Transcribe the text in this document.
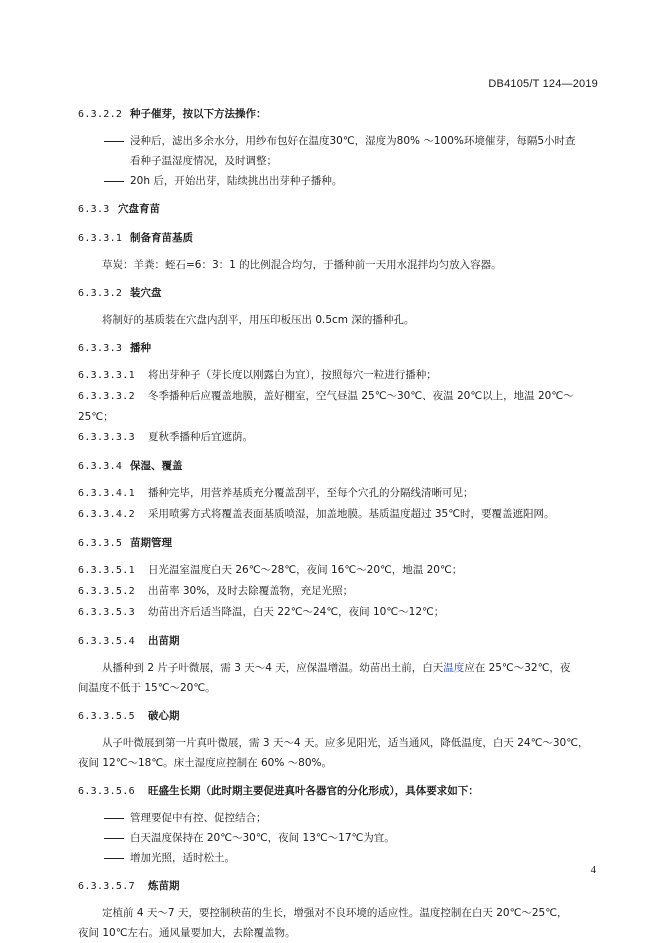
DB4105/T 124—2019
6.3.2.2 种子催芽，按以下方法操作：
浸种后，滤出多余水分，用纱布包好在温度30℃，湿度为80% ～100%环境催芽，每隔5小时查
看种子温湿度情况，及时调整；
20h 后，开始出芽，陆续挑出出芽种子播种。
6.3.3 穴盘育苗
6.3.3.1 制备育苗基质
草炭：羊粪：蛭石=6：3：1 的比例混合均匀，于播种前一天用水混拌均匀放入容器。
6.3.3.2 装穴盘
将制好的基质装在穴盘内刮平，用压印板压出 0.5cm 深的播种孔。
6.3.3.3 播种
6.3.3.3.1 将出芽种子（芽长度以刚露白为宜），按照每穴一粒进行播种；
6.3.3.3.2 冬季播种后应覆盖地膜，盖好棚室，空气昼温 25℃～30℃、夜温 20℃以上，地温 20℃～
25℃；
6.3.3.3.3 夏秋季播种后宜遮荫。
6.3.3.4 保湿、覆盖
6.3.3.4.1 播种完毕，用营养基质充分覆盖刮平，至每个穴孔的分隔线清晰可见；
6.3.3.4.2 采用喷雾方式将覆盖表面基质喷湿，加盖地膜。基质温度超过 35℃时，要覆盖遮阳网。
6.3.3.5 苗期管理
6.3.3.5.1 日光温室温度白天 26℃～28℃，夜间 16℃～20℃，地温 20℃；
6.3.3.5.2 出苗率 30%，及时去除覆盖物，充足光照；
6.3.3.5.3 幼苗出齐后适当降温，白天 22℃～24℃，夜间 10℃～12℃；
6.3.3.5.4 出苗期
从播种到 2 片子叶微展，需 3 天～4 天，应保温增温。幼苗出土前，白天温度应在 25℃～32℃，夜
间温度不低于 15℃～20℃。
6.3.3.5.5 破心期
从子叶微展到第一片真叶微展，需 3 天～4 天。应多见阳光，适当通风，降低温度，白天 24℃～30℃，
夜间 12℃～18℃。床土湿度应控制在 60% ～80%。
6.3.3.5.6 旺盛生长期（此时期主要促进真叶各器官的分化形成），具体要求如下：
管理要促中有控、促控结合；
白天温度保持在 20℃～30℃，夜间 13℃～17℃为宜。
增加光照，适时松土。
6.3.3.5.7 炼苗期
定植前 4 天～7 天，要控制秧苗的生长，增强对不良环境的适应性。温度控制在白天 20℃～25℃，
夜间 10℃左右。通风量要加大，去除覆盖物。
4
